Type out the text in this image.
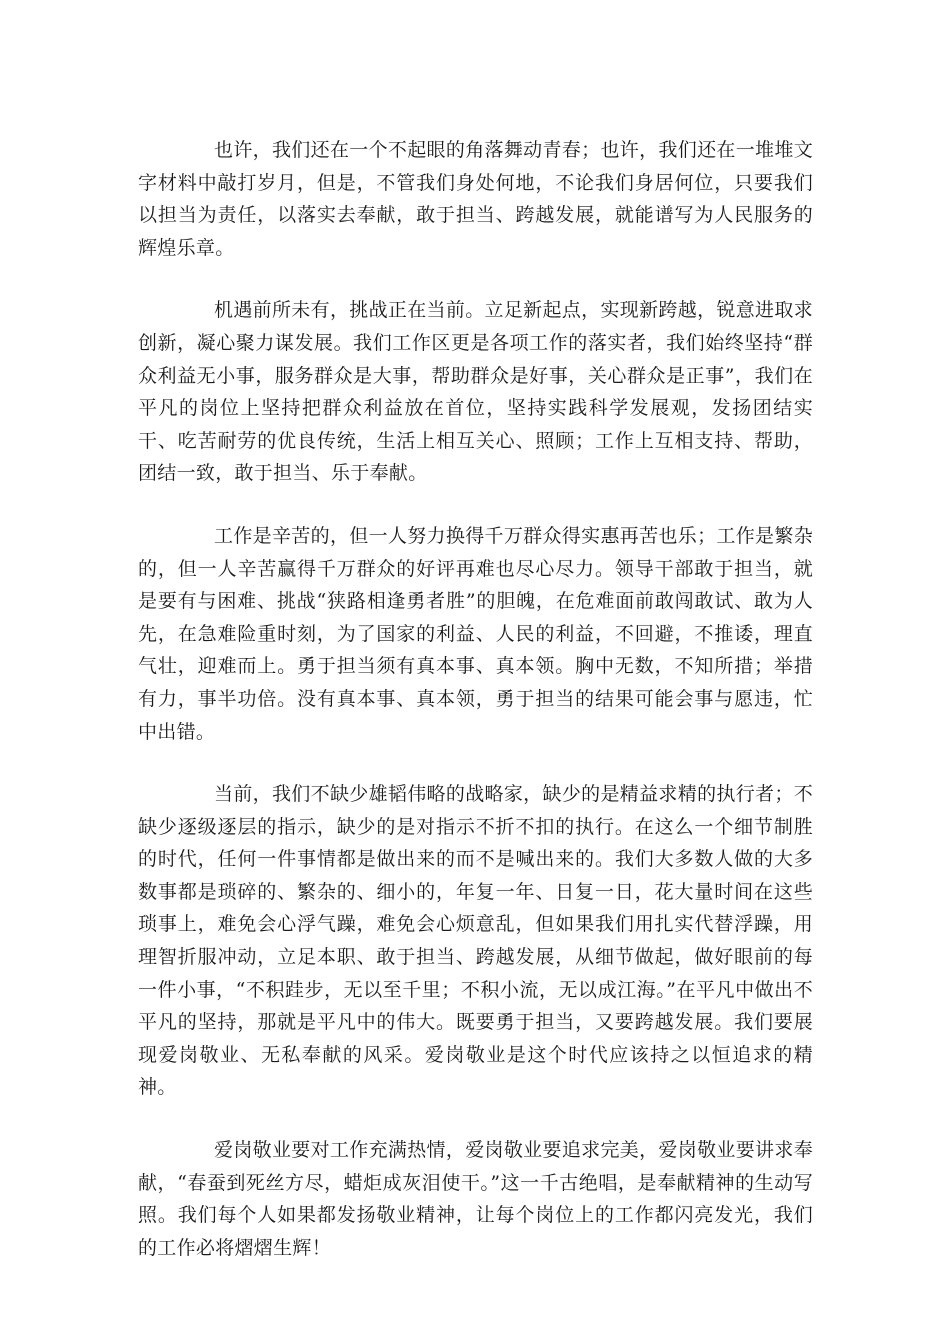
也许，我们还在一个不起眼的角落舞动青春；也许，我们还在一堆堆文字材料中敲打岁月，但是，不管我们身处何地，不论我们身居何位，只要我们以担当为责任，以落实去奉献，敢于担当、跨越发展，就能谱写为人民服务的辉煌乐章。

机遇前所未有，挑战正在当前。立足新起点，实现新跨越，锐意进取求创新，凝心聚力谋发展。我们工作区更是各项工作的落实者，我们始终坚持“群众利益无小事，服务群众是大事，帮助群众是好事，关心群众是正事”，我们在平凡的岗位上坚持把群众利益放在首位，坚持实践科学发展观，发扬团结实干、吃苦耐劳的优良传统，生活上相互关心、照顾；工作上互相支持、帮助，团结一致，敢于担当、乐于奉献。

工作是辛苦的，但一人努力换得千万群众得实惠再苦也乐；工作是繁杂的，但一人辛苦赢得千万群众的好评再难也尽心尽力。领导干部敢于担当，就是要有与困难、挑战“狭路相逢勇者胜”的胆魄，在危难面前敢闯敢试、敢为人先，在急难险重时刻，为了国家的利益、人民的利益，不回避，不推诿，理直气壮，迎难而上。勇于担当须有真本事、真本领。胸中无数，不知所措；举措有力，事半功倍。没有真本事、真本领，勇于担当的结果可能会事与愿违，忙中出错。

当前，我们不缺少雄韬伟略的战略家，缺少的是精益求精的执行者；不缺少逐级逐层的指示，缺少的是对指示不折不扣的执行。在这么一个细节制胜的时代，任何一件事情都是做出来的而不是喊出来的。我们大多数人做的大多数事都是琐碎的、繁杂的、细小的，年复一年、日复一日，花大量时间在这些琐事上，难免会心浮气躁，难免会心烦意乱，但如果我们用扎实代替浮躁，用理智折服冲动，立足本职、敢于担当、跨越发展，从细节做起，做好眼前的每一件小事，“不积跬步，无以至千里；不积小流，无以成江海。”在平凡中做出不平凡的坚持，那就是平凡中的伟大。既要勇于担当，又要跨越发展。我们要展现爱岗敬业、无私奉献的风采。爱岗敬业是这个时代应该持之以恒追求的精神。

爱岗敬业要对工作充满热情，爱岗敬业要追求完美，爱岗敬业要讲求奉献，“春蚕到死丝方尽，蜡炬成灰泪使干。”这一千古绝唱，是奉献精神的生动写照。我们每个人如果都发扬敬业精神，让每个岗位上的工作都闪亮发光，我们的工作必将熠熠生辉！
